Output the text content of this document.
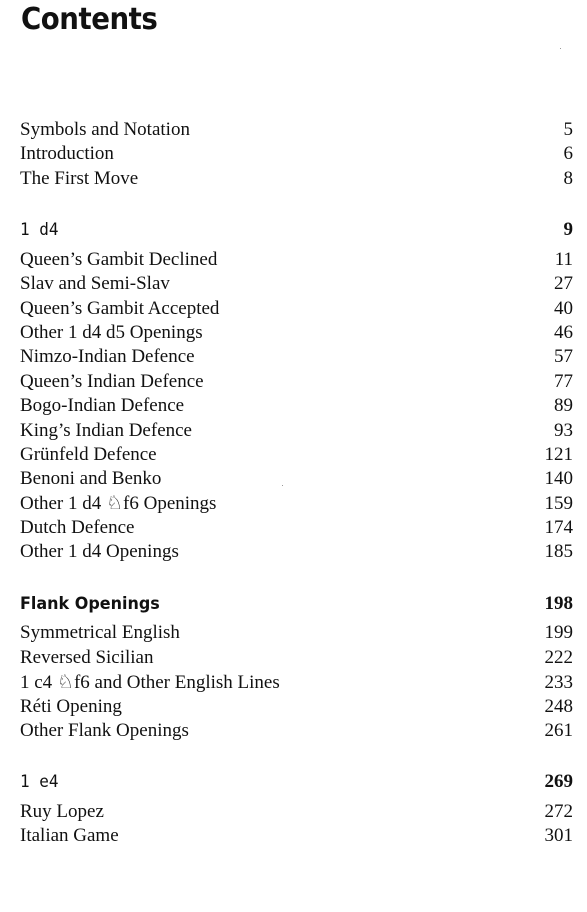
Contents
Symbols and Notation	5
Introduction	6
The First Move	8
1 d4	9
Queen’s Gambit Declined	11
Slav and Semi-Slav	27
Queen’s Gambit Accepted	40
Other 1 d4 d5 Openings	46
Nimzo-Indian Defence	57
Queen’s Indian Defence	77
Bogo-Indian Defence	89
King’s Indian Defence	93
Grünfeld Defence	121
Benoni and Benko	140
Other 1 d4 ♘f6 Openings	159
Dutch Defence	174
Other 1 d4 Openings	185
Flank Openings	198
Symmetrical English	199
Reversed Sicilian	222
1 c4 ♘f6 and Other English Lines	233
Réti Opening	248
Other Flank Openings	261
1 e4	269
Ruy Lopez	272
Italian Game	301
